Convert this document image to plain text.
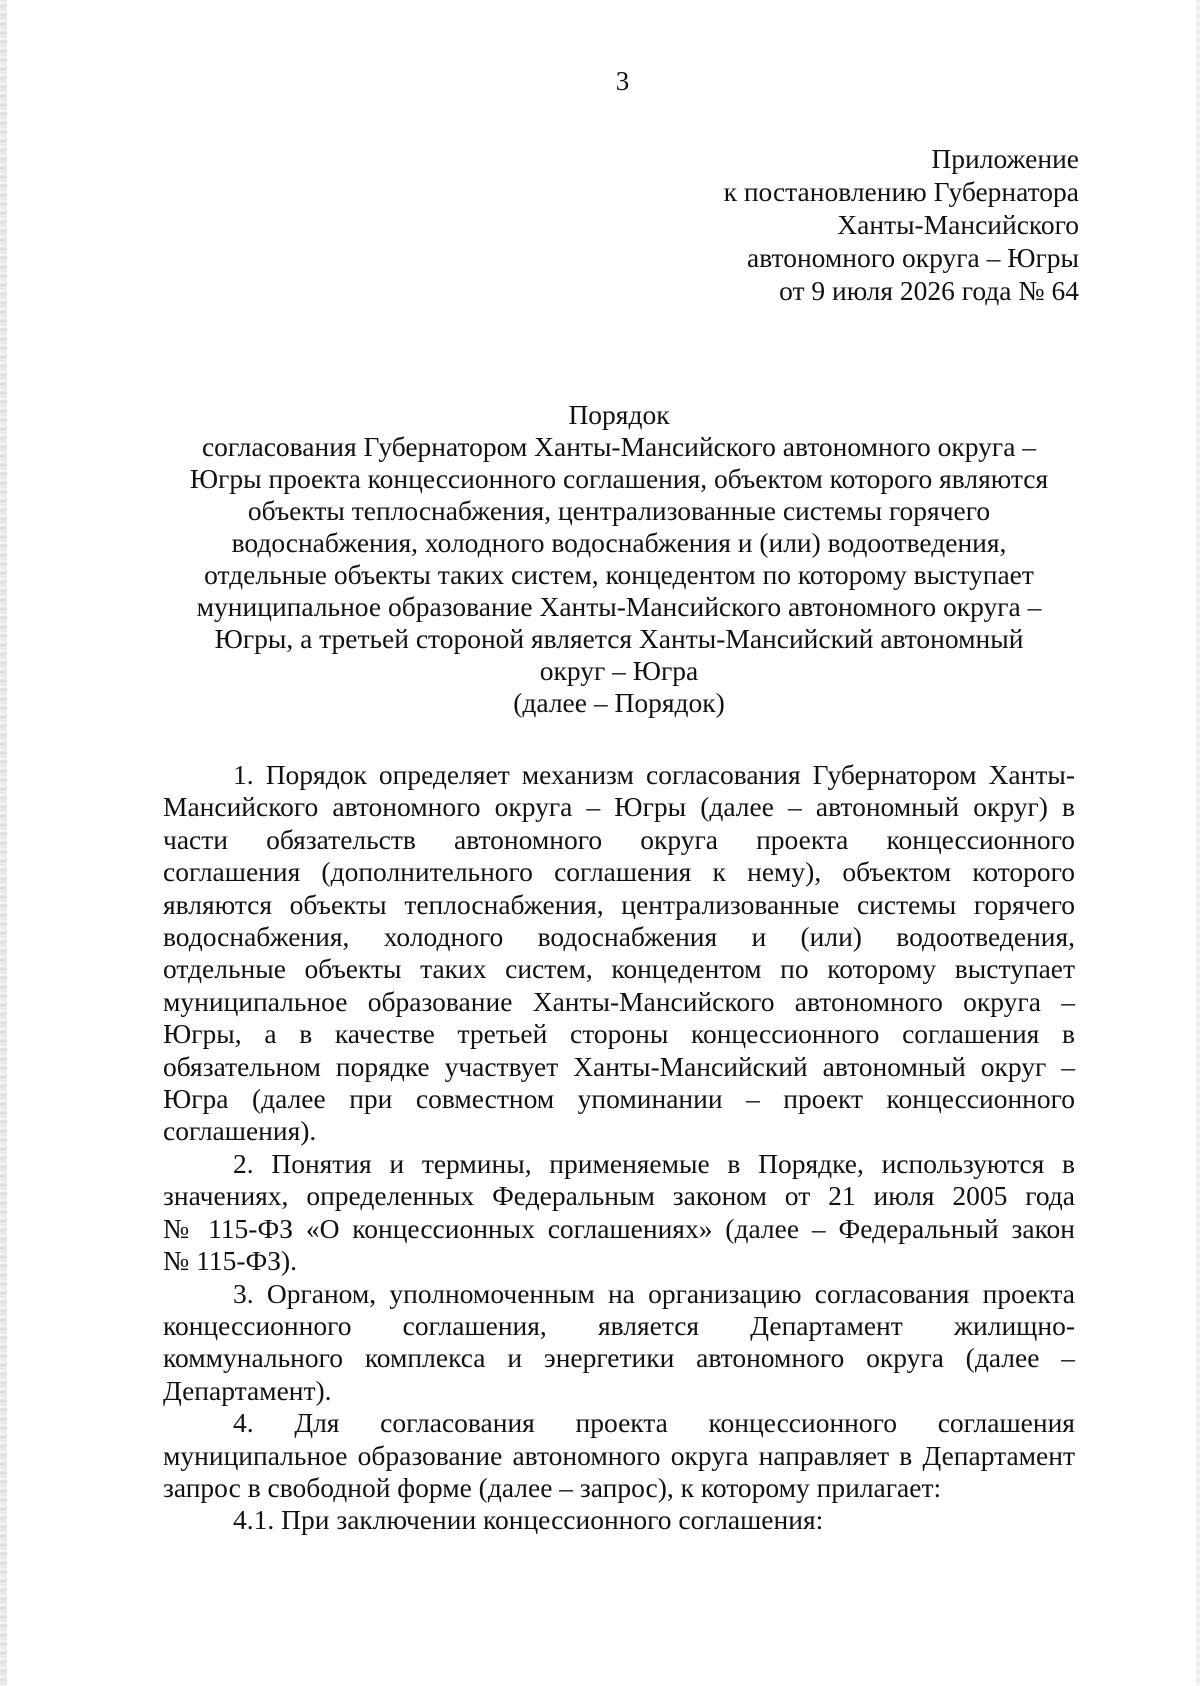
3
Приложение
к постановлению Губернатора
Ханты-Мансийского
автономного округа – Югры
от 9 июля 2026 года № 64
Порядок
согласования Губернатором Ханты-Мансийского автономного округа –
Югры проекта концессионного соглашения, объектом которого являются
объекты теплоснабжения, централизованные системы горячего
водоснабжения, холодного водоснабжения и (или) водоотведения,
отдельные объекты таких систем, концедентом по которому выступает
муниципальное образование Ханты-Мансийского автономного округа –
Югры, а третьей стороной является Ханты-Мансийский автономный
округ – Югра
(далее – Порядок)
1. Порядок определяет механизм согласования Губернатором Ханты-
Мансийского автономного округа – Югры (далее – автономный округ) в
части обязательств автономного округа проекта концессионного
соглашения (дополнительного соглашения к нему), объектом которого
являются объекты теплоснабжения, централизованные системы горячего
водоснабжения, холодного водоснабжения и (или) водоотведения,
отдельные объекты таких систем, концедентом по которому выступает
муниципальное образование Ханты-Мансийского автономного округа –
Югры, а в качестве третьей стороны концессионного соглашения в
обязательном порядке участвует Ханты-Мансийский автономный округ –
Югра (далее при совместном упоминании – проект концессионного
соглашения).
2. Понятия и термины, применяемые в Порядке, используются в
значениях, определенных Федеральным законом от 21 июля 2005 года
№ 115-ФЗ «О концессионных соглашениях» (далее – Федеральный закон
№ 115-ФЗ).
3. Органом, уполномоченным на организацию согласования проекта
концессионного соглашения, является Департамент жилищно-
коммунального комплекса и энергетики автономного округа (далее –
Департамент).
4. Для согласования проекта концессионного соглашения
муниципальное образование автономного округа направляет в Департамент
запрос в свободной форме (далее – запрос), к которому прилагает:
4.1. При заключении концессионного соглашения:
